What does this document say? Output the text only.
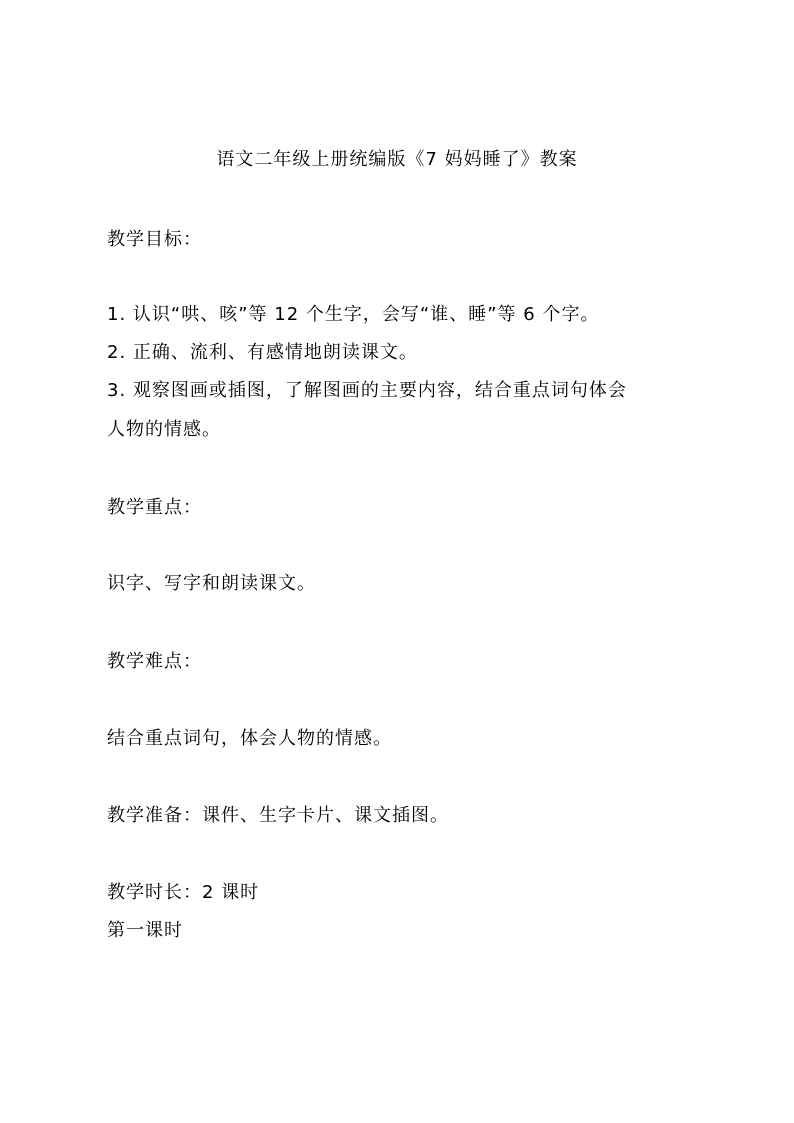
语文二年级上册统编版《7 妈妈睡了》教案
教学目标：
1. 认识“哄、咳”等 12 个生字，会写“谁、睡”等 6 个字。
2. 正确、流利、有感情地朗读课文。
3. 观察图画或插图，了解图画的主要内容，结合重点词句体会
人物的情感。
教学重点：
识字、写字和朗读课文。
教学难点：
结合重点词句，体会人物的情感。
教学准备：课件、生字卡片、课文插图。
教学时长：2 课时
第一课时
